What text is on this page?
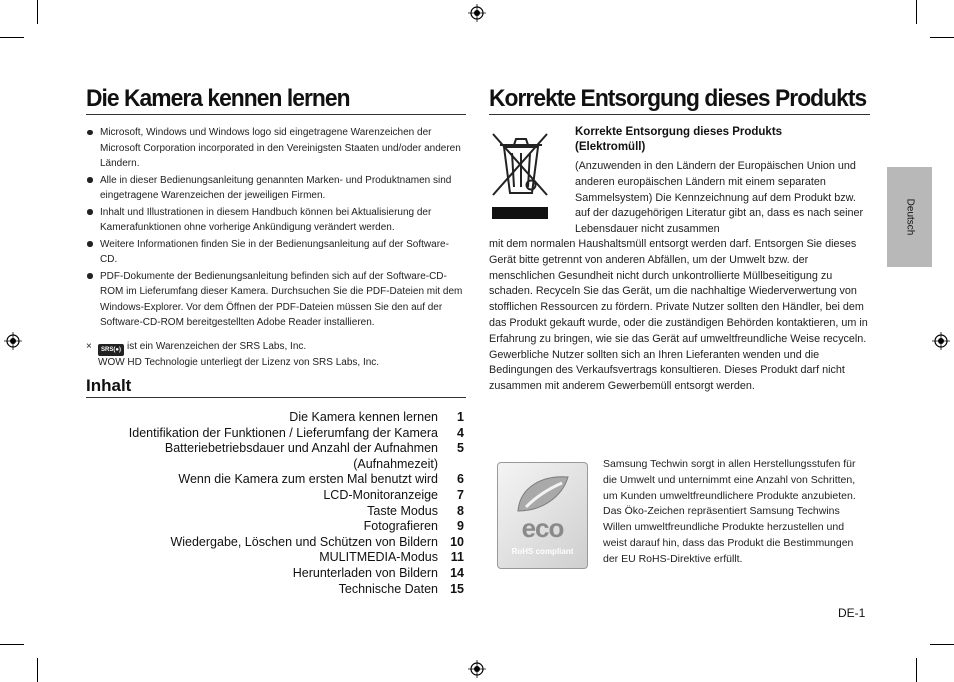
Die Kamera kennen lernen
Microsoft, Windows und Windows logo sid eingetragene Warenzeichen der Microsoft Corporation incorporated in den Vereinigsten Staaten und/oder anderen Ländern.
Alle in dieser Bedienungsanleitung genannten Marken- und Produktnamen sind eingetragene Warenzeichen der jeweiligen Firmen.
Inhalt und Illustrationen in diesem Handbuch können bei Aktualisierung der Kamerafunktionen ohne vorherige Ankündigung verändert werden.
Weitere Informationen finden Sie in der Bedienungsanleitung auf der Software-CD.
PDF-Dokumente der Bedienungsanleitung befinden sich auf der Software-CD-ROM im Lieferumfang dieser Kamera. Durchsuchen Sie die PDF-Dateien mit dem Windows-Explorer. Vor dem Öffnen der PDF-Dateien müssen Sie den auf der Software-CD-ROM bereitgestellten Adobe Reader installieren.
× SRS(●) ist ein Warenzeichen der SRS Labs, Inc.
WOW HD Technologie unterliegt der Lizenz von SRS Labs, Inc.
Inhalt
Die Kamera kennen lernen	1
Identifikation der Funktionen / Lieferumfang der Kamera	4
Batteriebetriebsdauer und Anzahl der Aufnahmen	5
(Aufnahmezeit)
Wenn die Kamera zum ersten Mal benutzt wird	6
LCD-Monitoranzeige	7
Taste Modus	8
Fotografieren	9
Wiedergabe, Löschen und Schützen von Bildern 10
MULITMEDIA-Modus	11
Herunterladen von Bildern 14
Technische Daten 15
Korrekte Entsorgung dieses Produkts
Korrekte Entsorgung dieses Produkts
(Elektromüll)
(Anzuwenden in den Ländern der Europäischen Union und anderen europäischen Ländern mit einem separaten Sammelsystem) Die Kennzeichnung auf dem Produkt bzw. auf der dazugehörigen Literatur gibt an, dass es nach seiner Lebensdauer nicht zusammen
mit dem normalen Haushaltsmüll entsorgt werden darf. Entsorgen Sie dieses Gerät bitte getrennt von anderen Abfällen, um der Umwelt bzw. der menschlichen Gesundheit nicht durch unkontrollierte Müllbeseitigung zu schaden. Recyceln Sie das Gerät, um die nachhaltige Wiederverwertung von stofflichen Ressourcen zu fördern. Private Nutzer sollten den Händler, bei dem das Produkt gekauft wurde, oder die zuständigen Behörden kontaktieren, um in Erfahrung zu bringen, wie sie das Gerät auf umweltfreundliche Weise recyceln. Gewerbliche Nutzer sollten sich an Ihren Lieferanten wenden und die Bedingungen des Verkaufsvertrags konsultieren. Dieses Produkt darf nicht zusammen mit anderem Gewerbemüll entsorgt werden.
eco
RoHS compliant
Samsung Techwin sorgt in allen Herstellungsstufen für die Umwelt und unternimmt eine Anzahl von Schritten, um Kunden umweltfreundlichere Produkte anzubieten. Das Öko-Zeichen repräsentiert Samsung Techwins Willen umweltfreundliche Produkte herzustellen und weist darauf hin, dass das Produkt die Bestimmungen der EU RoHS-Direktive erfüllt.
DE-1
Deutsch
